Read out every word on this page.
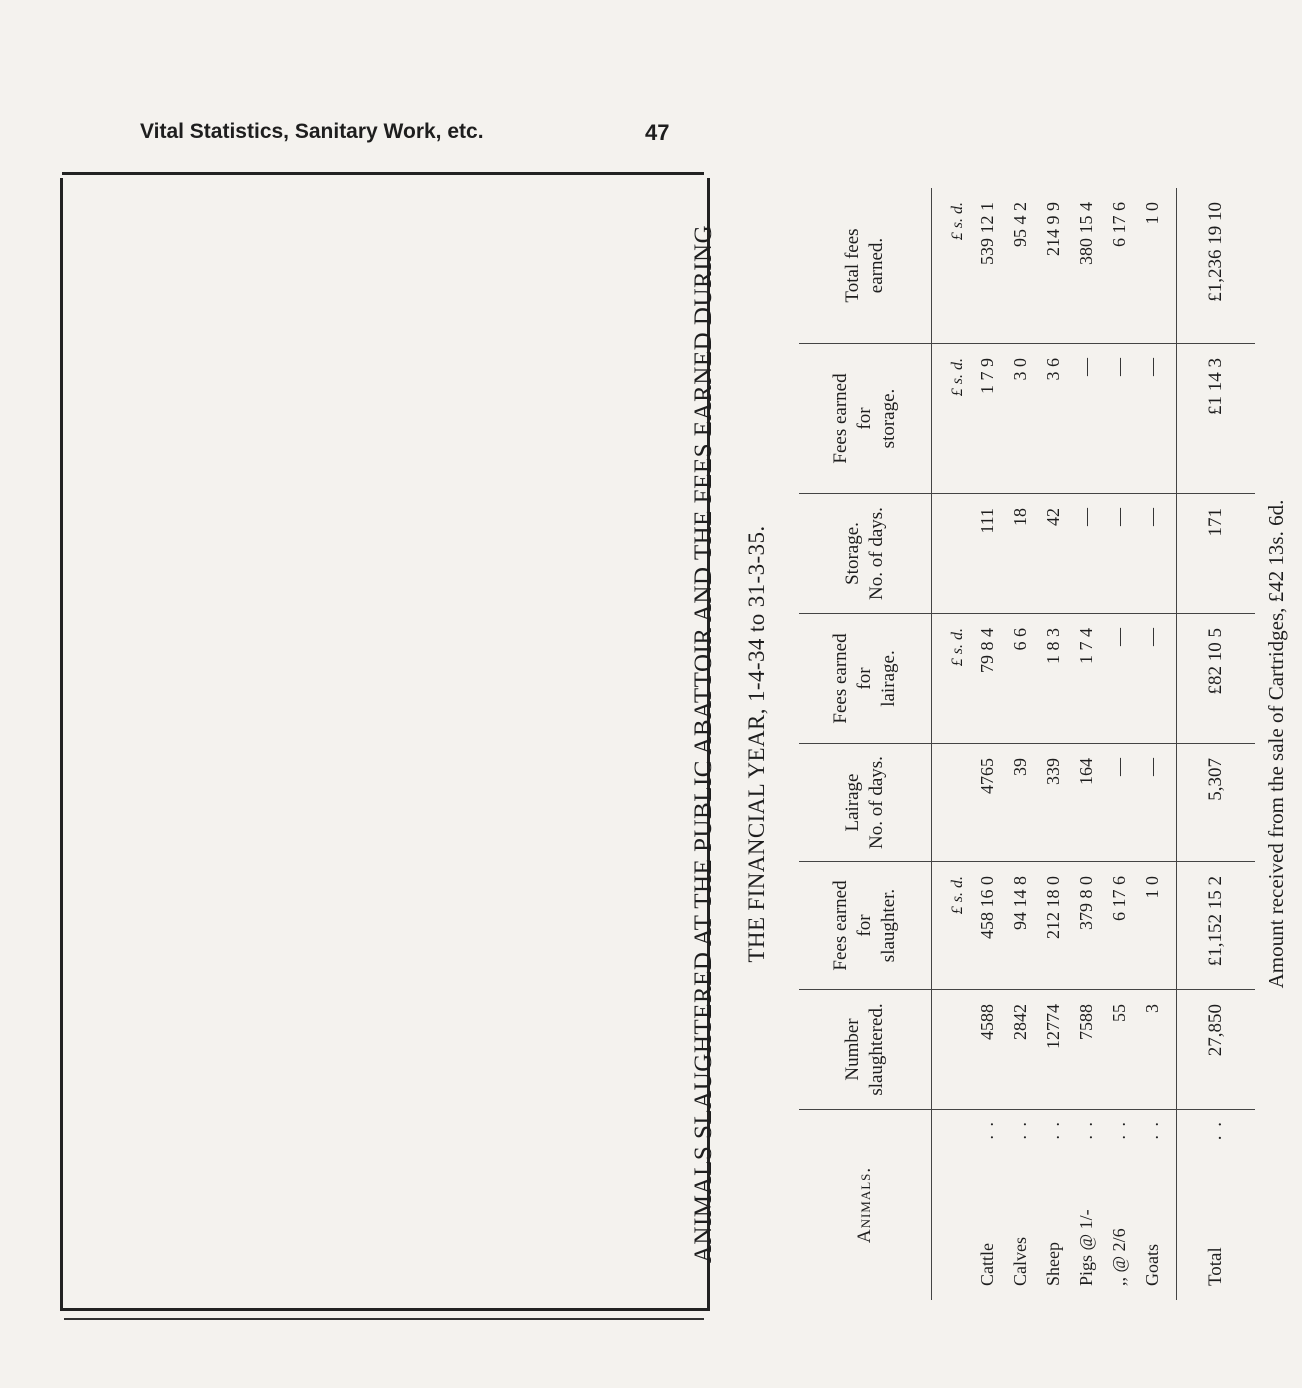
Vital Statistics, Sanitary Work, etc.	47
ANIMALS SLAUGHTERED AT THE PUBLIC ABATTOIR AND THE FEES EARNED DURING THE FINANCIAL YEAR, 1-4-34 to 31-3-35.
Animals.
Number slaughtered.
Fees earned for slaughter.
Lairage No. of days.
Fees earned for lairage.
Storage. No. of days.
Fees earned for storage.
Total fees earned.
Cattle
. .
Calves
. .
Sheep
. .
Pigs @ 1/-
. .
,, @ 2/6
. .
Goats
. .
4588 2842 12774 7588 55 3
£ s. d. 458 16 0 94 14 8 212 18 0 379 8 0 6 17 6 1 0
4765 39 339 164 — —
£ s. d. 79 8 4 6 6 1 8 3 1 7 4 — —
111 18 42 — — —
£ s. d. 1 7 9 3 0 3 6 — — —
£ s. d. 539 12 1 95 4 2 214 9 9 380 15 4 6 17 6 1 0
Total
. .
27,850
£1,152 15 2
5,307
£82 10 5
171
£1 14 3
£1,236 19 10
Amount received from the sale of Cartridges, £42 13s. 6d.
